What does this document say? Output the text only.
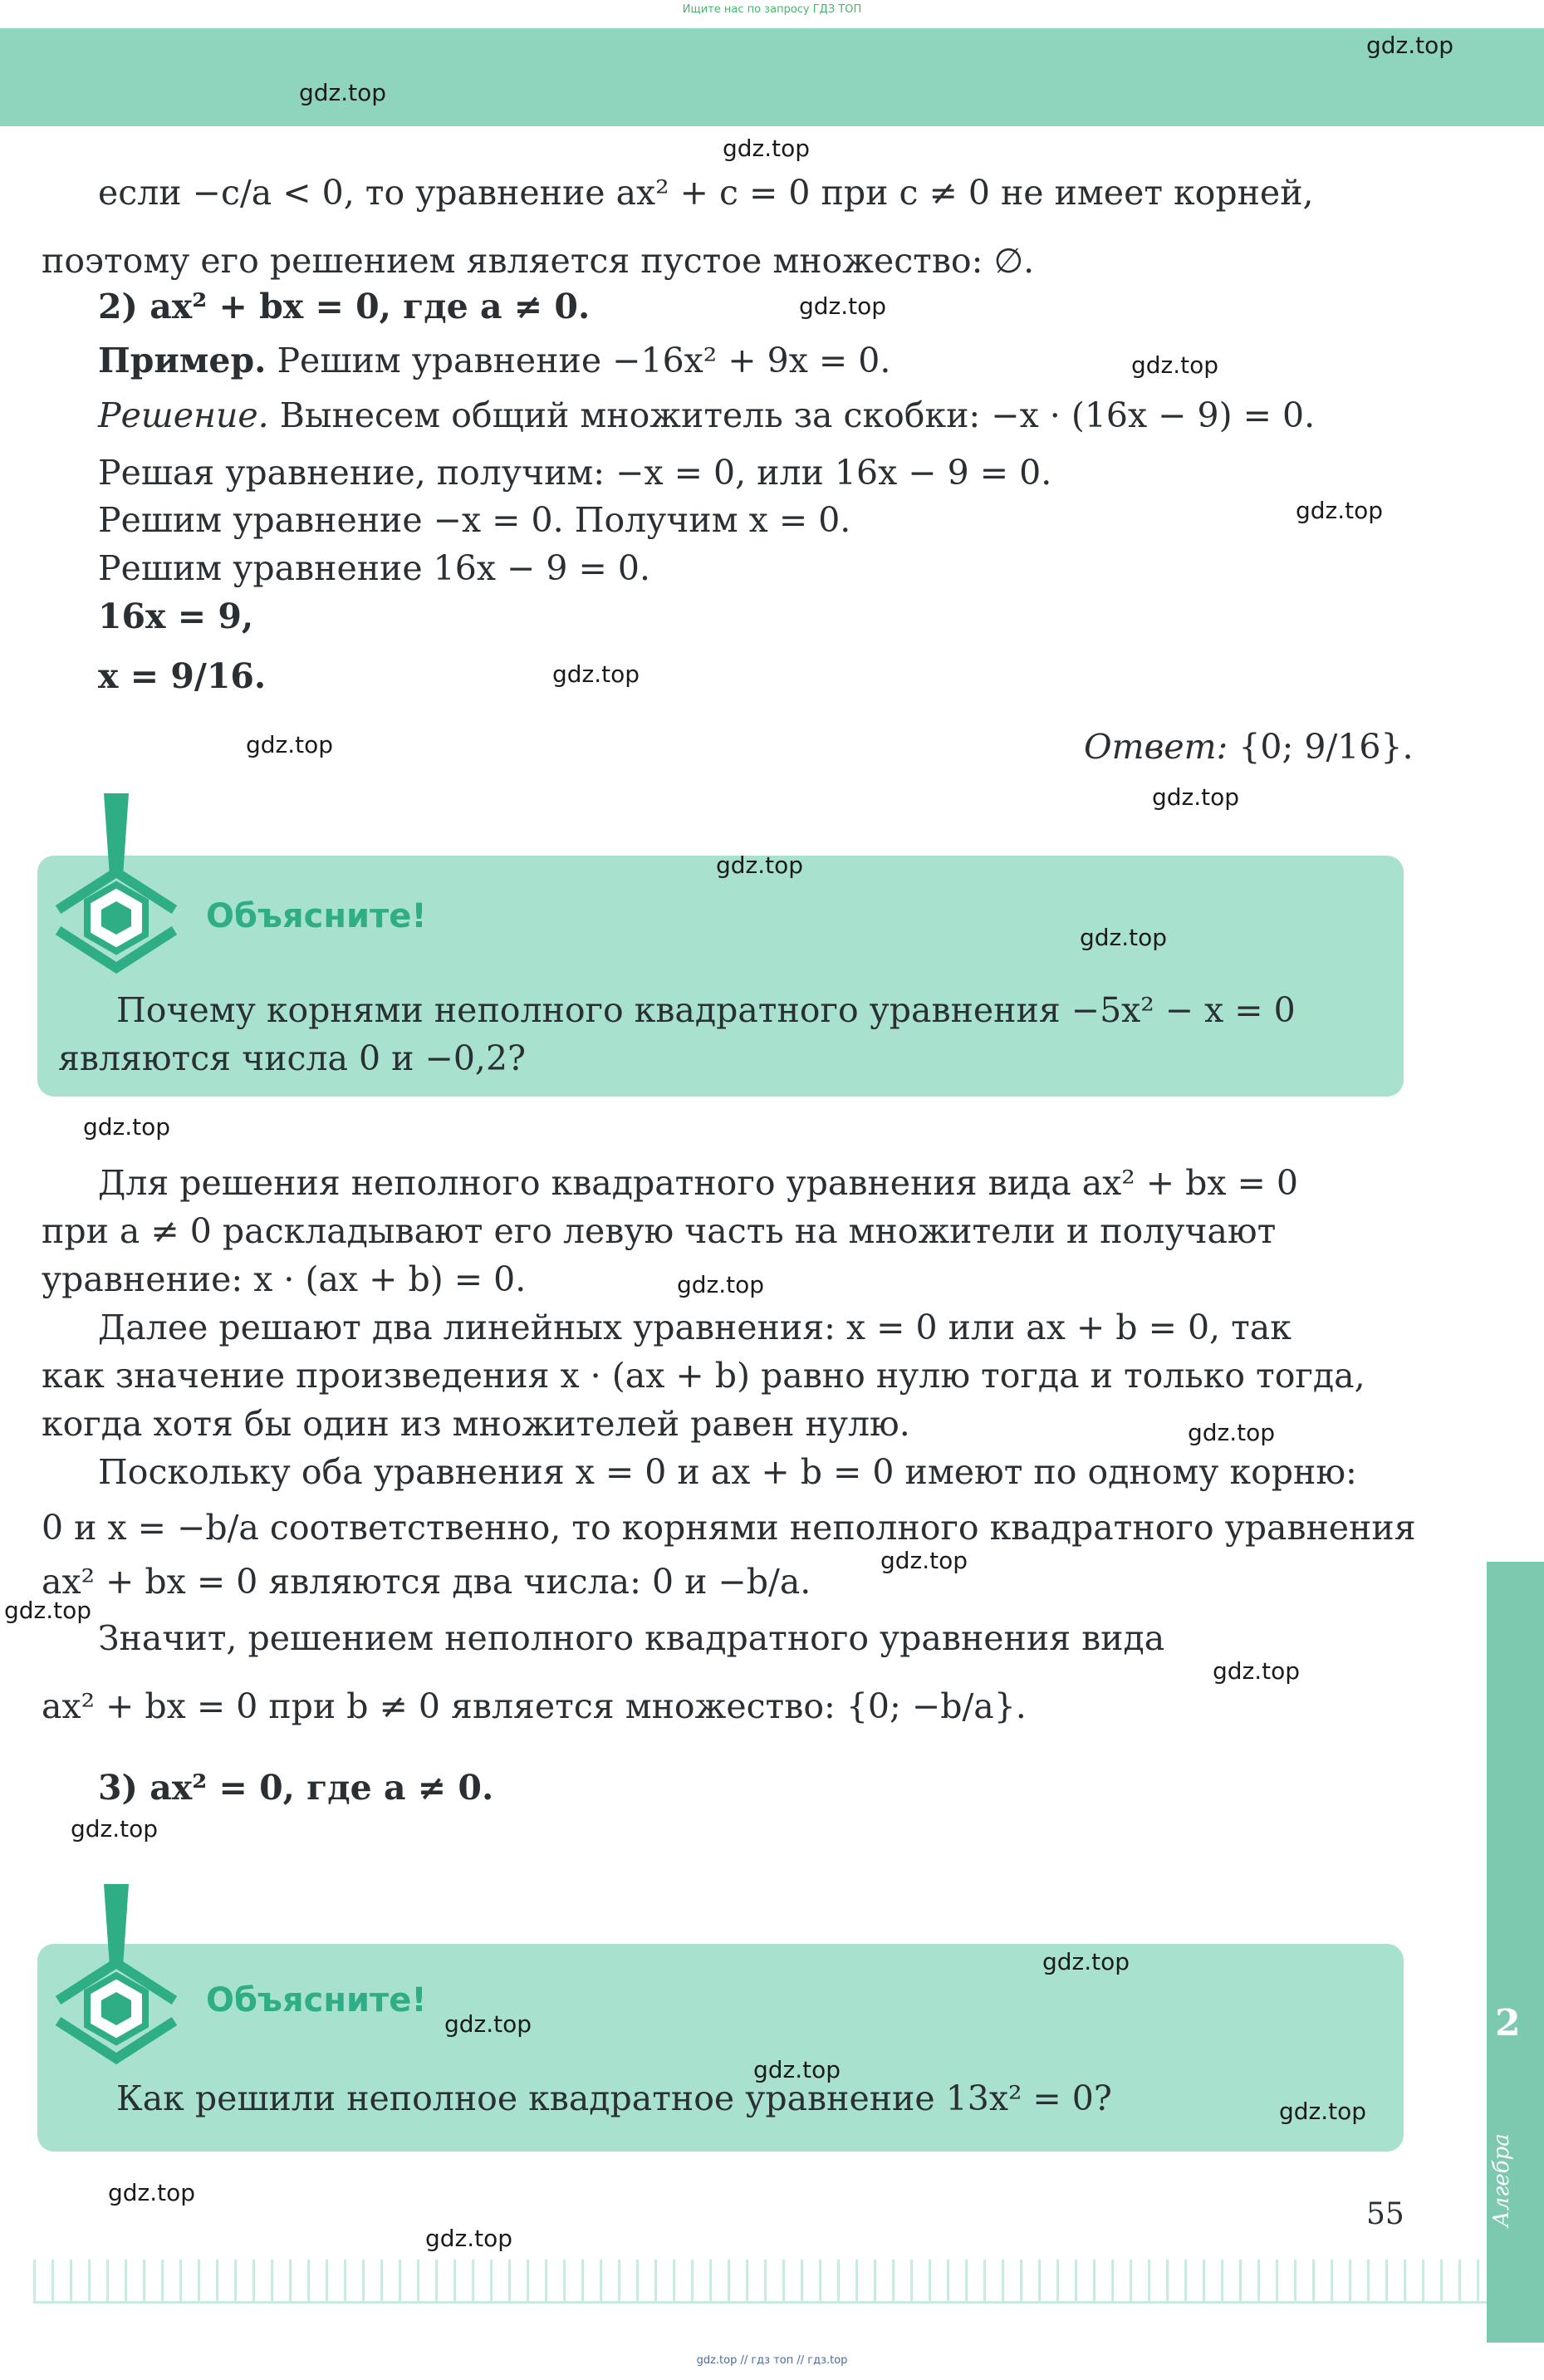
Ищите нас по запросу ГДЗ ТОП
2
Алгебра
если −c/a < 0, то уравнение ax² + c = 0 при c ≠ 0 не имеет корней,
поэтому его решением является пустое множество: ∅.
2) ax² + bx = 0, где a ≠ 0.
Пример. Решим уравнение −16x² + 9x = 0.
Решение. Вынесем общий множитель за скобки: −x · (16x − 9) = 0.
Решая уравнение, получим: −x = 0, или 16x − 9 = 0.
Решим уравнение −x = 0. Получим x = 0.
Решим уравнение 16x − 9 = 0.
16x = 9,
x = 9/16.
Ответ: {0; 9/16}.
Объясните!
Почему корнями неполного квадратного уравнения −5x² − x = 0
являются числа 0 и −0,2?
Для решения неполного квадратного уравнения вида ax² + bx = 0
при a ≠ 0 раскладывают его левую часть на множители и получают
уравнение: x · (ax + b) = 0.
Далее решают два линейных уравнения: x = 0 или ax + b = 0, так
как значение произведения x · (ax + b) равно нулю тогда и только тогда,
когда хотя бы один из множителей равен нулю.
Поскольку оба уравнения x = 0 и ax + b = 0 имеют по одному корню:
0 и x = −b/a соответственно, то корнями неполного квадратного уравнения
ax² + bx = 0 являются два числа: 0 и −b/a.
Значит, решением неполного квадратного уравнения вида
ax² + bx = 0 при b ≠ 0 является множество: {0; −b/a}.
3) ax² = 0, где a ≠ 0.
Объясните!
Как решили неполное квадратное уравнение 13x² = 0?
55
gdz.top
gdz.top
gdz.top
gdz.top
gdz.top
gdz.top
gdz.top
gdz.top
gdz.top
gdz.top
gdz.top
gdz.top
gdz.top
gdz.top
gdz.top
gdz.top
gdz.top
gdz.top
gdz.top
gdz.top
gdz.top
gdz.top
gdz.top
gdz.top
gdz.top // гдз топ // гдз.top
